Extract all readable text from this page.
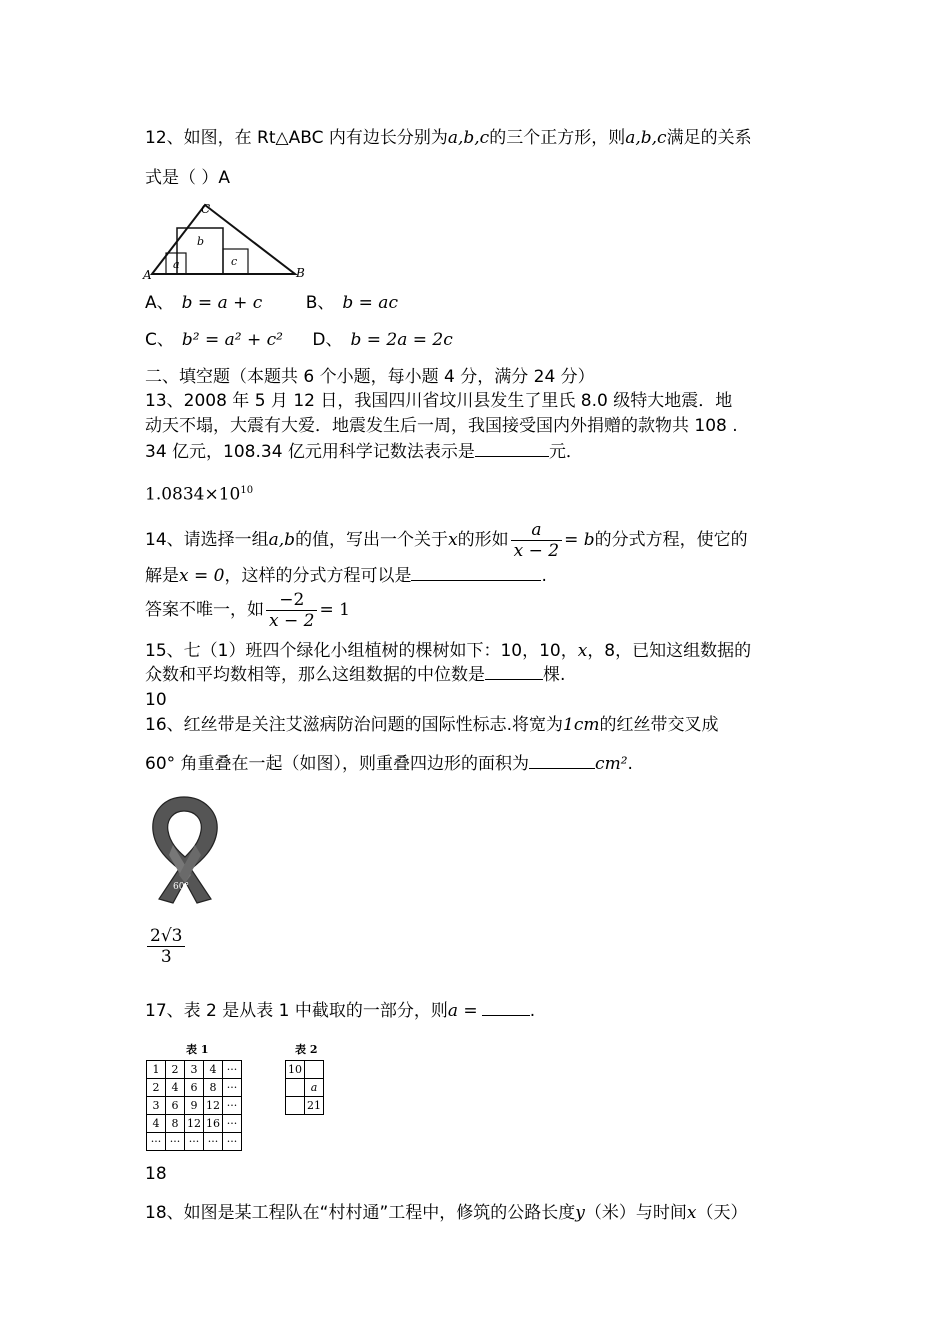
12、如图，在 Rt△ABC 内有边长分别为a,b,c的三个正方形，则a,b,c满足的关系
式是（ ）A
C
A	B
a
b
c
A、 b = a + c	B、 b = ac
C、 b² = a² + c² D、 b = 2a = 2c
二、填空题（本题共 6 个小题，每小题 4 分，满分 24 分）
13、2008 年 5 月 12 日，我国四川省坟川县发生了里氏 8.0 级特大地震．地
动天不塌，大震有大爱．地震发生后一周，我国接受国内外捐赠的款物共 108 .
34 亿元，108.34 亿元用科学记数法表示是	元．
$1.0834\times 10^{10}$
14、请选择一组a,b的值，写出一个关于x的形如 $\frac{a}{x - 2} = b$的分式方程，使它的
解是x = 0，这样的分式方程可以是	.
答案不唯一，如 $\frac{-2}{x - 2} = 1$
15、七（1）班四个绿化小组植树的棵树如下：10，10，x，8，已知这组数据的
众数和平均数相等，那么这组数据的中位数是	棵.
10
16、红丝带是关注艾滋病防治问题的国际性标志.将宽为1cm的红丝带交叉成
60° 角重叠在一起（如图），则重叠四边形的面积为	cm².
60°
$\frac{2√3}{3}$
17、表 2 是从表 1 中截取的一部分，则a =	.
表 1
1	2	3	4	···
2	4	6	8	···
3	6	9	12	···
4	8	12	16	···
···	···	···	···	···
表 2
10	
	a
	21
18
18、如图是某工程队在“村村通”工程中，修筑的公路长度y（米）与时间x（天）
